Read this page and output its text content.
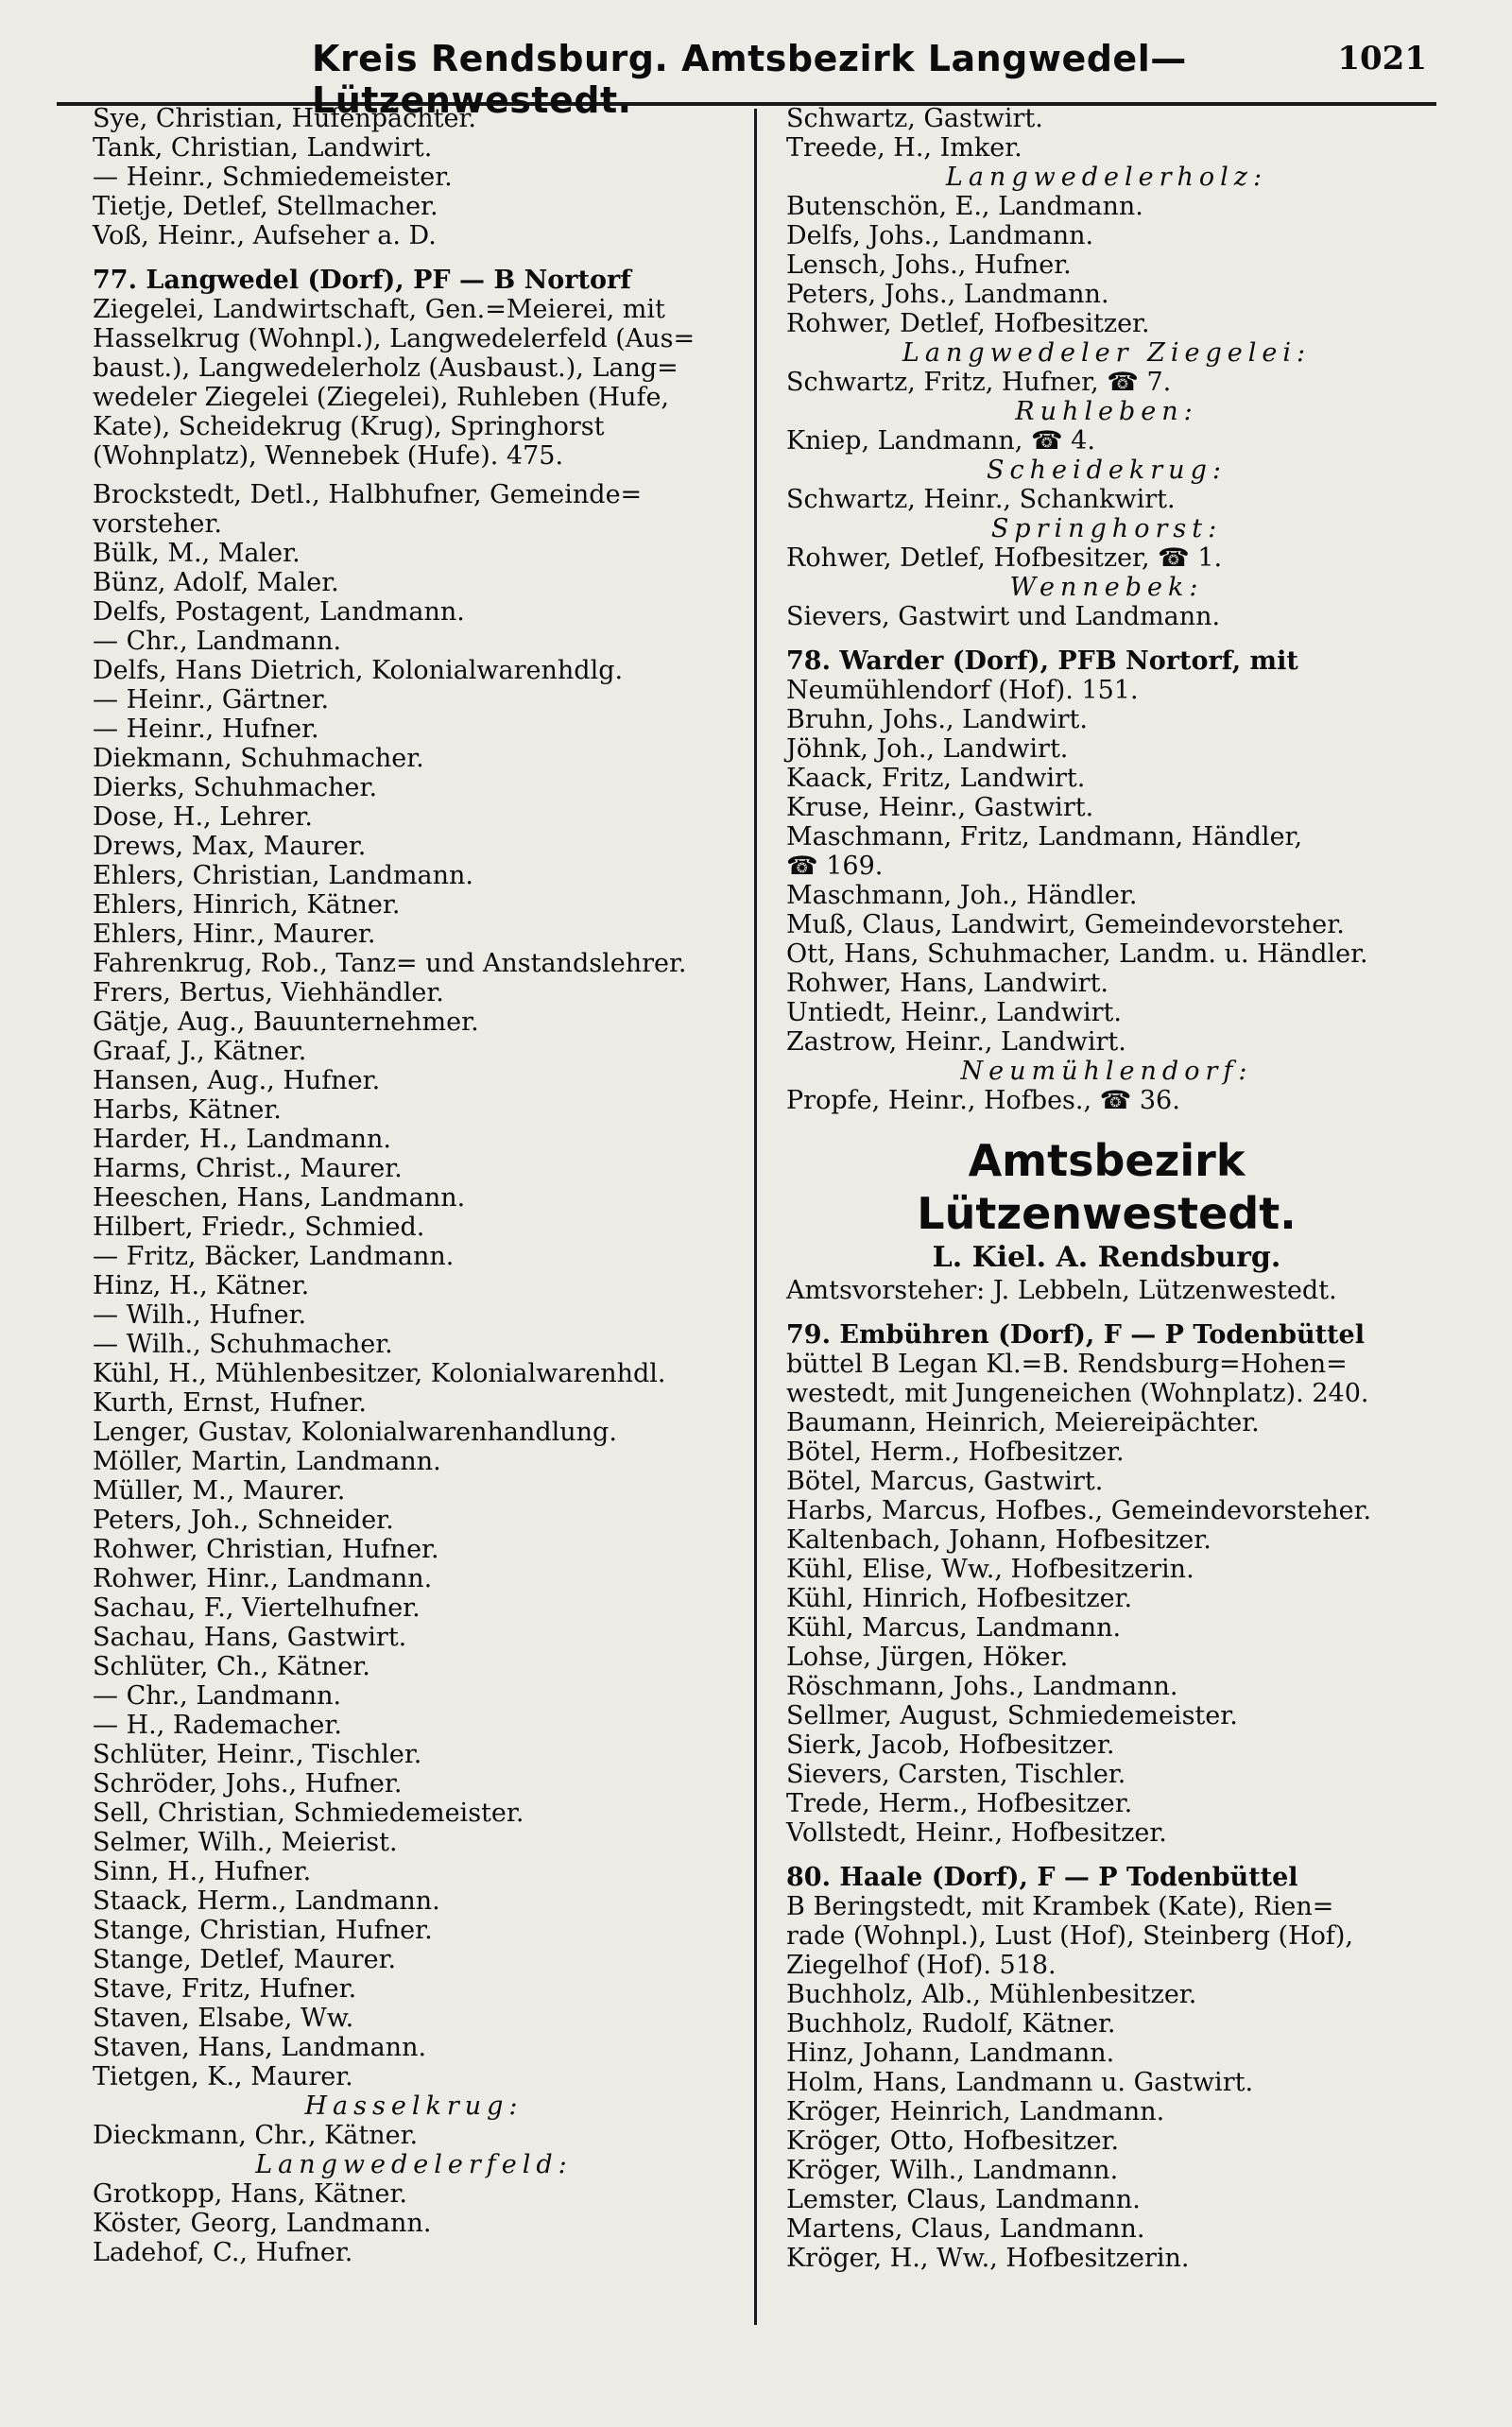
Kreis Rendsburg. Amtsbezirk Langwedel—Lützenwestedt.
1021
Sye, Christian, Hufenpächter.
Tank, Christian, Landwirt.
— Heinr., Schmiedemeister.
Tietje, Detlef, Stellmacher.
Voß, Heinr., Aufseher a. D.
77. Langwedel (Dorf), PF — B Nortorf
Ziegelei, Landwirtschaft, Gen.=Meierei, mit
Hasselkrug (Wohnpl.), Langwedelerfeld (Aus=
baust.), Langwedelerholz (Ausbaust.), Lang=
wedeler Ziegelei (Ziegelei), Ruhleben (Hufe,
Kate), Scheidekrug (Krug), Springhorst
(Wohnplatz), Wennebek (Hufe). 475.
Brockstedt, Detl., Halbhufner, Gemeinde=
vorsteher.
Bülk, M., Maler.
Bünz, Adolf, Maler.
Delfs, Postagent, Landmann.
— Chr., Landmann.
Delfs, Hans Dietrich, Kolonialwarenhdlg.
— Heinr., Gärtner.
— Heinr., Hufner.
Diekmann, Schuhmacher.
Dierks, Schuhmacher.
Dose, H., Lehrer.
Drews, Max, Maurer.
Ehlers, Christian, Landmann.
Ehlers, Hinrich, Kätner.
Ehlers, Hinr., Maurer.
Fahrenkrug, Rob., Tanz= und Anstandslehrer.
Frers, Bertus, Viehhändler.
Gätje, Aug., Bauunternehmer.
Graaf, J., Kätner.
Hansen, Aug., Hufner.
Harbs, Kätner.
Harder, H., Landmann.
Harms, Christ., Maurer.
Heeschen, Hans, Landmann.
Hilbert, Friedr., Schmied.
— Fritz, Bäcker, Landmann.
Hinz, H., Kätner.
— Wilh., Hufner.
— Wilh., Schuhmacher.
Kühl, H., Mühlenbesitzer, Kolonialwarenhdl.
Kurth, Ernst, Hufner.
Lenger, Gustav, Kolonialwarenhandlung.
Möller, Martin, Landmann.
Müller, M., Maurer.
Peters, Joh., Schneider.
Rohwer, Christian, Hufner.
Rohwer, Hinr., Landmann.
Sachau, F., Viertelhufner.
Sachau, Hans, Gastwirt.
Schlüter, Ch., Kätner.
— Chr., Landmann.
— H., Rademacher.
Schlüter, Heinr., Tischler.
Schröder, Johs., Hufner.
Sell, Christian, Schmiedemeister.
Selmer, Wilh., Meierist.
Sinn, H., Hufner.
Staack, Herm., Landmann.
Stange, Christian, Hufner.
Stange, Detlef, Maurer.
Stave, Fritz, Hufner.
Staven, Elsabe, Ww.
Staven, Hans, Landmann.
Tietgen, K., Maurer.
Hasselkrug:
Dieckmann, Chr., Kätner.
Langwedelerfeld:
Grotkopp, Hans, Kätner.
Köster, Georg, Landmann.
Ladehof, C., Hufner.
Schwartz, Gastwirt.
Treede, H., Imker.
Langwedelerholz:
Butenschön, E., Landmann.
Delfs, Johs., Landmann.
Lensch, Johs., Hufner.
Peters, Johs., Landmann.
Rohwer, Detlef, Hofbesitzer.
Langwedeler Ziegelei:
Schwartz, Fritz, Hufner, ☎ 7.
Ruhleben:
Kniep, Landmann, ☎ 4.
Scheidekrug:
Schwartz, Heinr., Schankwirt.
Springhorst:
Rohwer, Detlef, Hofbesitzer, ☎ 1.
Wennebek:
Sievers, Gastwirt und Landmann.
78. Warder (Dorf), PFB Nortorf, mit
Neumühlendorf (Hof). 151.
Bruhn, Johs., Landwirt.
Jöhnk, Joh., Landwirt.
Kaack, Fritz, Landwirt.
Kruse, Heinr., Gastwirt.
Maschmann, Fritz, Landmann, Händler,
☎ 169.
Maschmann, Joh., Händler.
Muß, Claus, Landwirt, Gemeindevorsteher.
Ott, Hans, Schuhmacher, Landm. u. Händler.
Rohwer, Hans, Landwirt.
Untiedt, Heinr., Landwirt.
Zastrow, Heinr., Landwirt.
Neumühlendorf:
Propfe, Heinr., Hofbes., ☎ 36.
Amtsbezirk Lützenwestedt.
L. Kiel. A. Rendsburg.
Amtsvorsteher: J. Lebbeln, Lützenwestedt.
79. Embühren (Dorf), F — P Todenbüttel
büttel B Legan Kl.=B. Rendsburg=Hohen=
westedt, mit Jungeneichen (Wohnplatz). 240.
Baumann, Heinrich, Meiereipächter.
Bötel, Herm., Hofbesitzer.
Bötel, Marcus, Gastwirt.
Harbs, Marcus, Hofbes., Gemeindevorsteher.
Kaltenbach, Johann, Hofbesitzer.
Kühl, Elise, Ww., Hofbesitzerin.
Kühl, Hinrich, Hofbesitzer.
Kühl, Marcus, Landmann.
Lohse, Jürgen, Höker.
Röschmann, Johs., Landmann.
Sellmer, August, Schmiedemeister.
Sierk, Jacob, Hofbesitzer.
Sievers, Carsten, Tischler.
Trede, Herm., Hofbesitzer.
Vollstedt, Heinr., Hofbesitzer.
80. Haale (Dorf), F — P Todenbüttel
B Beringstedt, mit Krambek (Kate), Rien=
rade (Wohnpl.), Lust (Hof), Steinberg (Hof),
Ziegelhof (Hof). 518.
Buchholz, Alb., Mühlenbesitzer.
Buchholz, Rudolf, Kätner.
Hinz, Johann, Landmann.
Holm, Hans, Landmann u. Gastwirt.
Kröger, Heinrich, Landmann.
Kröger, Otto, Hofbesitzer.
Kröger, Wilh., Landmann.
Lemster, Claus, Landmann.
Martens, Claus, Landmann.
Kröger, H., Ww., Hofbesitzerin.
